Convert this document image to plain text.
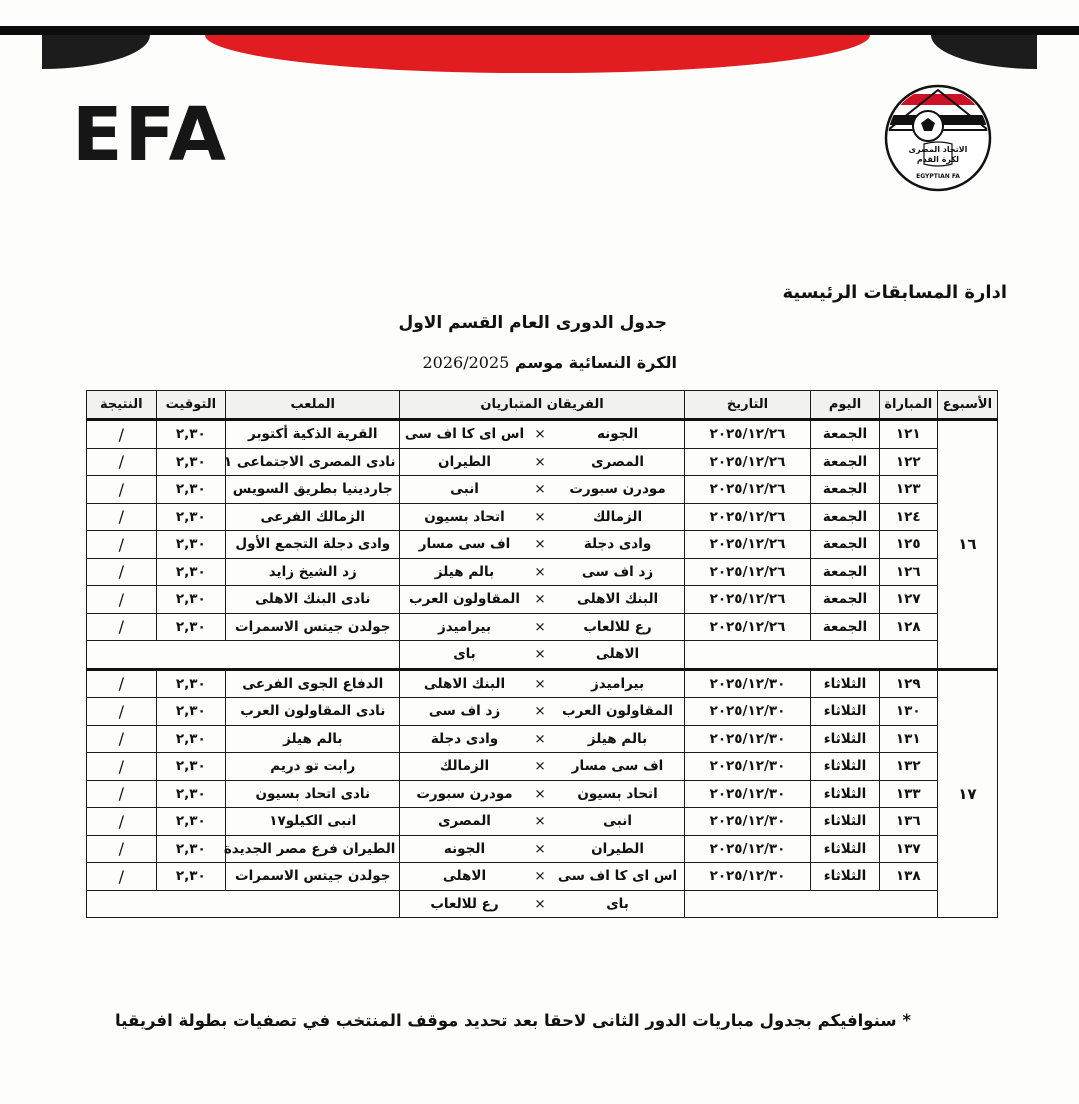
EFA	الاتحاد المصرى
لكرة القدم
EGYPTIAN FA
ادارة المسابقات الرئيسية
جدول الدورى العام القسم الاول
الكرة النسائية موسم 2026/2025
الأسبوع	المباراة	اليوم	التاريخ	الفريقان المتباريان			الملعب	التوقيت	النتيجة
١٦	١٢١	الجمعة	٢٠٢٥/١٢/٢٦	الجونه	×	اس اى كا اف سى	القرية الذكية أكتوبر	٢,٣٠	/
	١٢٢	الجمعة	٢٠٢٥/١٢/٢٦	المصرى	×	الطيران	نادى المصرى الاجتماعى ١	٢,٣٠	/
	١٢٣	الجمعة	٢٠٢٥/١٢/٢٦	مودرن سبورت	×	انبى	جاردينيا بطريق السويس	٢,٣٠	/
	١٢٤	الجمعة	٢٠٢٥/١٢/٢٦	الزمالك	×	اتحاد بسيون	الزمالك الفرعى	٢,٣٠	/
	١٢٥	الجمعة	٢٠٢٥/١٢/٢٦	وادى دجلة	×	اف سى مسار	وادى دجلة التجمع الأول	٢,٣٠	/
	١٢٦	الجمعة	٢٠٢٥/١٢/٢٦	زد اف سى	×	بالم هيلز	زد الشيخ زايد	٢,٣٠	/
	١٢٧	الجمعة	٢٠٢٥/١٢/٢٦	البنك الاهلى	×	المقاولون العرب	نادى البنك الاهلى	٢,٣٠	/
	١٢٨	الجمعة	٢٠٢٥/١٢/٢٦	رع للالعاب	×	بيراميدز	جولدن جيتس الاسمرات	٢,٣٠	/
				الاهلى	×	باى			
١٧	١٢٩	الثلاثاء	٢٠٢٥/١٢/٣٠	بيراميدز	×	البنك الاهلى	الدفاع الجوى الفرعى	٢,٣٠	/
	١٣٠	الثلاثاء	٢٠٢٥/١٢/٣٠	المقاولون العرب	×	زد اف سى	نادى المقاولون العرب	٢,٣٠	/
	١٣١	الثلاثاء	٢٠٢٥/١٢/٣٠	بالم هيلز	×	وادى دجلة	بالم هيلز	٢,٣٠	/
	١٣٢	الثلاثاء	٢٠٢٥/١٢/٣٠	اف سى مسار	×	الزمالك	رابت تو دريم	٢,٣٠	/
	١٣٣	الثلاثاء	٢٠٢٥/١٢/٣٠	اتحاد بسيون	×	مودرن سبورت	نادى اتحاد بسيون	٢,٣٠	/
	١٣٦	الثلاثاء	٢٠٢٥/١٢/٣٠	انبى	×	المصرى	انبى الكيلو١٧	٢,٣٠	/
	١٣٧	الثلاثاء	٢٠٢٥/١٢/٣٠	الطيران	×	الجونه	الطيران فرع مصر الجديدة	٢,٣٠	/
	١٣٨	الثلاثاء	٢٠٢٥/١٢/٣٠	اس اى كا اف سى	×	الاهلى	جولدن جيتس الاسمرات	٢,٣٠	/
				باى	×	رع للالعاب			
* سنوافيكم بجدول مباريات الدور الثانى لاحقا بعد تحديد موقف المنتخب في تصفيات بطولة افريقيا
